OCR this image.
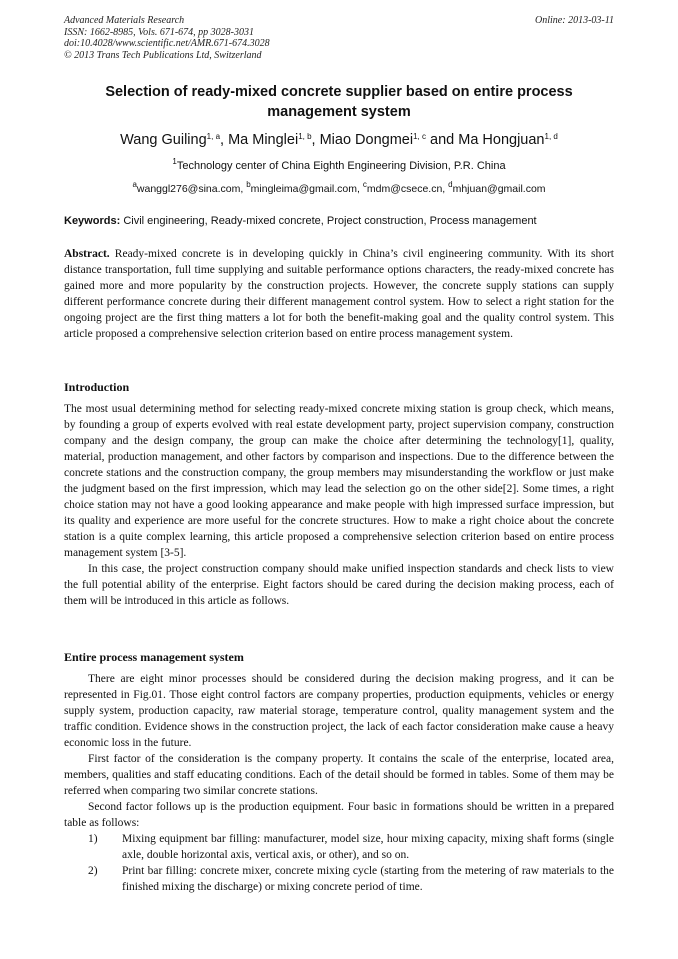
Advanced Materials Research
ISSN: 1662-8985, Vols. 671-674, pp 3028-3031
doi:10.4028/www.scientific.net/AMR.671-674.3028
© 2013 Trans Tech Publications Ltd, Switzerland
Online: 2013-03-11
Selection of ready-mixed concrete supplier based on entire process management system
Wang Guiling$^{1, a}$, Ma Minglei$^{1, b}$, Miao Dongmei$^{1, c}$ and Ma Hongjuan$^{1, d}$
$^1$Technology center of China Eighth Engineering Division, P.R. China
$^a$wanggl276@sina.com, $^b$mingleima@gmail.com, $^c$mdm@csece.cn, $^d$mhjuan@gmail.com
Keywords: Civil engineering, Ready-mixed concrete, Project construction, Process management

Abstract. Ready-mixed concrete is in developing quickly in China’s civil engineering community. With its short distance transportation, full time supplying and suitable performance options characters, the ready-mixed concrete has gained more and more popularity by the construction projects. However, the concrete supply stations can supply different performance concrete during their different management control system. How to select a right station for the ongoing project are the first thing matters a lot for both the benefit-making goal and the quality control system. This article proposed a comprehensive selection criterion based on entire process management system.

Introduction

The most usual determining method for selecting ready-mixed concrete mixing station is group check, which means, by founding a group of experts evolved with real estate development party, project supervision company, construction company and the design company, the group can make the choice after determining the technology[1], quality, material, production management, and other factors by comparison and inspections. Due to the difference between the concrete stations and the construction company, the group members may misunderstanding the workflow or just make the judgment based on the first impression, which may lead the selection go on the other side[2]. Some times, a right choice station may not have a good looking appearance and make people with high impressed surface impression, but its quality and experience are more useful for the concrete structures. How to make a right choice about the concrete station is a quite complex learning, this article proposed a comprehensive selection criterion based on entire process management system [3-5].

In this case, the project construction company should make unified inspection standards and check lists to view the full potential ability of the enterprise. Eight factors should be cared during the decision making process, each of them will be introduced in this article as follows.

Entire process management system

There are eight minor processes should be considered during the decision making progress, and it can be represented in Fig.01. Those eight control factors are company properties, production equipments, vehicles or energy supply system, production capacity, raw material storage, temperature control, quality management system and the traffic condition. Evidence shows in the construction project, the lack of each factor consideration make cause a heavy economic loss in the future.

First factor of the consideration is the company property. It contains the scale of the enterprise, located area, members, qualities and staff educating conditions. Each of the detail should be formed in tables. Some of them may be referred when comparing two similar concrete stations.

Second factor follows up is the production equipment. Four basic in formations should be written in a prepared table as follows:

1)	Mixing equipment bar filling: manufacturer, model size, hour mixing capacity, mixing shaft forms (single axle, double horizontal axis, vertical axis, or other), and so on.
2)	Print bar filling: concrete mixer, concrete mixing cycle (starting from the metering of raw materials to the finished mixing the discharge) or mixing concrete period of time.
